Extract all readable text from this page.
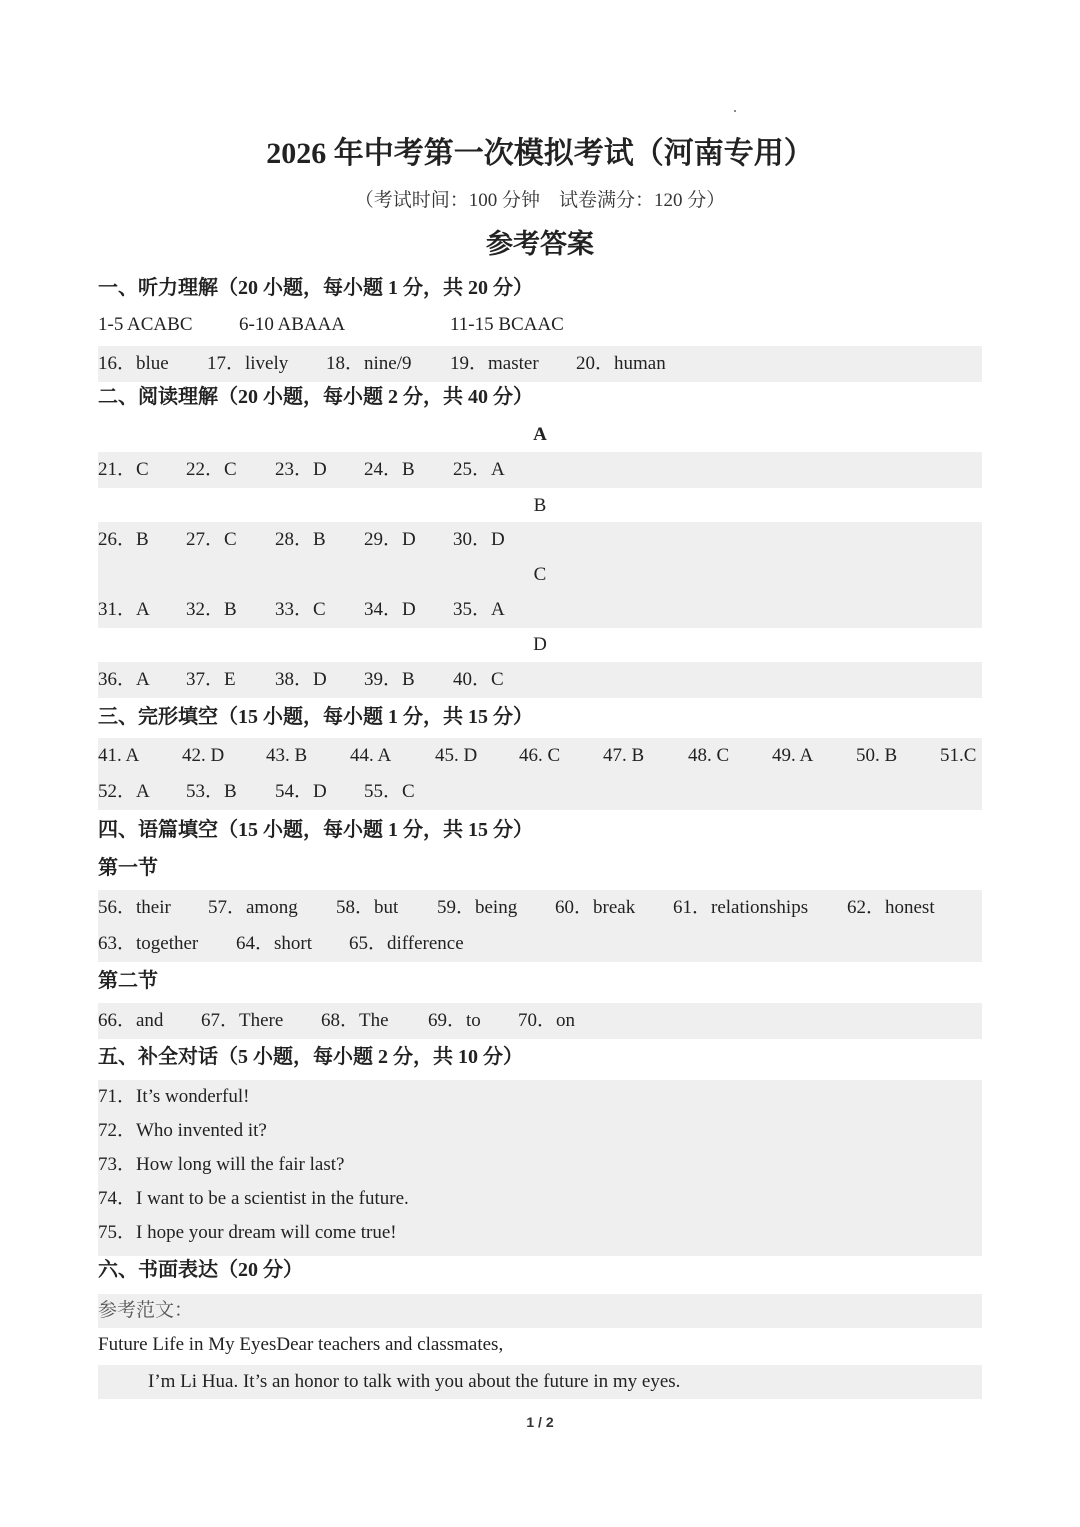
2026 年中考第一次模拟考试（河南专用）
（考试时间：100 分钟　试卷满分：120 分）
参考答案
一、听力理解（20 小题，每小题 1 分，共 20 分）
1-5 ACABC 6-10 ABAAA	11-15 BCAAC
16．blue 17．lively 18．nine/9 19．master 20．human
二、阅读理解（20 小题，每小题 2 分，共 40 分）
A
21．C 22．C 23．D 24．B 25．A
B
26．B 27．C 28．B 29．D 30．D
C
31．A 32．B 33．C 34．D 35．A
D
36．A 37．E 38．D 39．B 40．C
三、完形填空（15 小题，每小题 1 分，共 15 分）
41. A 42. D 43. B 44. A 45. D 46. C 47. B 48. C 49. A 50. B 51.C
52．A 53．B 54．D 55．C
四、语篇填空（15 小题，每小题 1 分，共 15 分）
第一节
56．their 57．among 58．but 59．being 60．break 61．relationships 62．honest
63．together 64．short 65．difference
第二节
66．and 67．There 68．The 69．to 70．on
五、补全对话（5 小题，每小题 2 分，共 10 分）
71．It’s wonderful!
72．Who invented it?
73．How long will the fair last?
74．I want to be a scientist in the future.
75．I hope your dream will come true!
六、书面表达（20 分）
参考范文：
Future Life in My EyesDear teachers and classmates,
I’m Li Hua. It’s an honor to talk with you about the future in my eyes.
1 / 2
